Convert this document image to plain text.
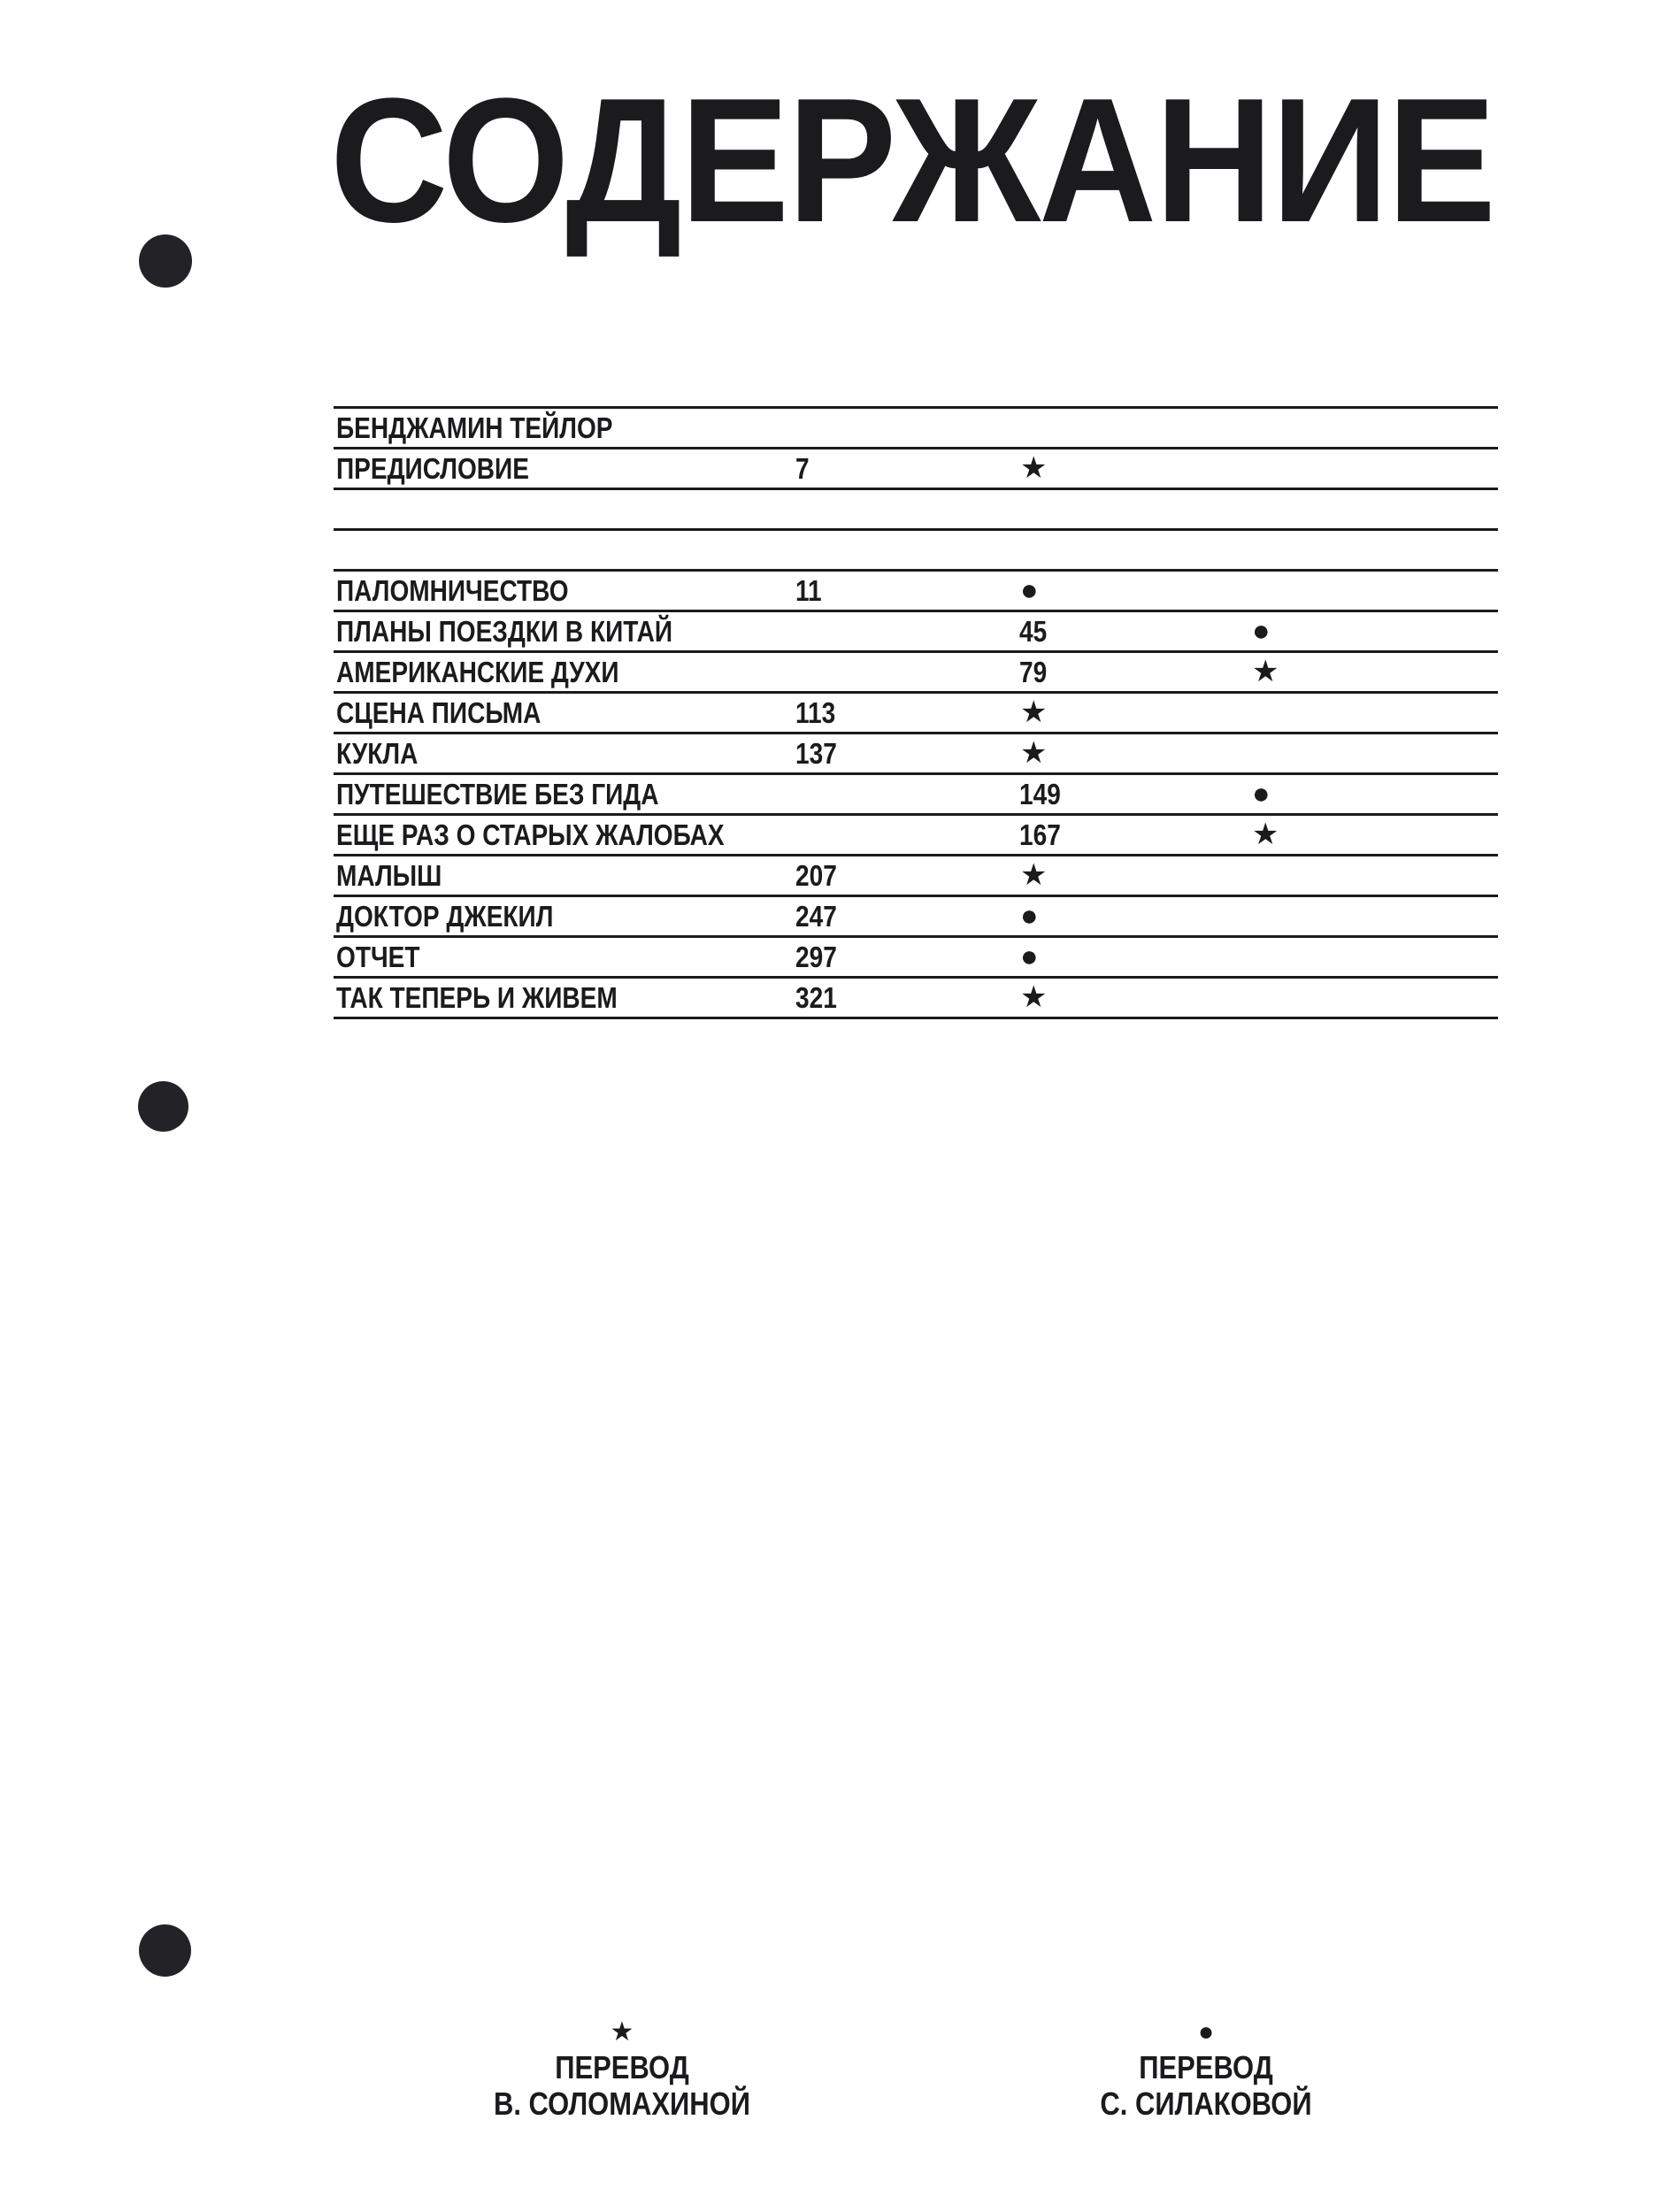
СОДЕРЖАНИЕ
БЕНДЖАМИН ТЕЙЛОР
ПРЕДИСЛОВИЕ	7	★
ПАЛОМНИЧЕСТВО	11	●
ПЛАНЫ ПОЕЗДКИ В КИТАЙ	45	●
АМЕРИКАНСКИЕ ДУХИ	79	★
СЦЕНА ПИСЬМА	113	★
КУКЛА	137	★
ПУТЕШЕСТВИЕ БЕЗ ГИДА	149	●
ЕЩЕ РАЗ О СТАРЫХ ЖАЛОБАХ	167	★
МАЛЫШ	207	★
ДОКТОР ДЖЕКИЛ	247	●
ОТЧЕТ	297	●
ТАК ТЕПЕРЬ И ЖИВЕМ	321	★
★
ПЕРЕВОД
В. СОЛОМАХИНОЙ
●
ПЕРЕВОД
С. СИЛАКОВОЙ
